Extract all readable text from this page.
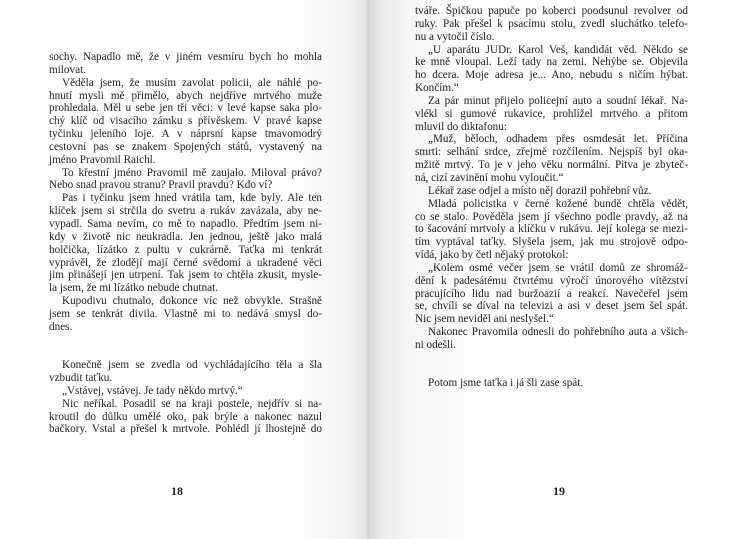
sochy. Napadlo mě, že v jiném vesmíru bych ho mohla
milovat.
Věděla jsem, že musím zavolat policii, ale náhlé po-
hnutí mysli mě přimělo, abych nejdříve mrtvého muže
prohledala. Měl u sebe jen tři věci: v levé kapse saka plo-
chý klíč od visacího zámku s přívěskem. V pravé kapse
tyčinku jeleního loje. A v náprsní kapse tmavomodrý
cestovní pas se znakem Spojených států, vystavený na
jméno Pravomil Raichl.
To křestní jméno Pravomil mě zaujalo. Miloval právo?
Nebo snad pravou stranu? Pravil pravdu? Kdo ví?
Pas i tyčinku jsem hned vrátila tam, kde byly. Ale ten
klíček jsem si strčila do svetru a rukáv zavázala, aby ne-
vypadl. Sama nevím, co mě to napadlo. Předtím jsem ni-
kdy v životě nic neukradla. Jen jednou, ještě jako malá
holčička, lízátko z pultu v cukrárně. Taťka mi tenkrát
vyprávěl, že zlodějí mají černé svědomí a ukradené věci
jim přinášejí jen utrpení. Tak jsem to chtěla zkusit, mysle-
la jsem, že mi lízátko nebude chutnat.
Kupodivu chutnalo, dokonce víc než obvykle. Strašně
jsem se tenkrát divila. Vlastně mi to nedává smysl do-
dnes.
Konečně jsem se zvedla od vychládajícího těla a šla
vzbudit taťku.
„Vstávej, vstávej. Je tady někdo mrtvý.“
Nic neříkal. Posadil se na kraji postele, nejdřív si na-
kroutil do důlku umělé oko, pak brýle a nakonec nazul
bačkory. Vstal a přešel k mrtvole. Pohlédl jí lhostejně do
18
tváře. Špičkou papuče po koberci poodsunul revolver od
ruky. Pak přešel k psacímu stolu, zvedl sluchátko telefo-
nu a vytočil číslo.
„U aparátu JUDr. Karol Veš, kandidát věd. Někdo se
ke mně vloupal. Leží tady na zemi. Nehýbe se. Objevila
ho dcera. Moje adresa je... Ano, nebudu s ničím hýbat.
Končím.“
Za pár minut přijelo policejní auto a soudní lékař. Na-
vlékl si gumové rukavice, prohlížel mrtvého a přitom
mluvil do diktafonu:
„Muž, běloch, odhadem přes osmdesát let. Příčina
smrti: selhání srdce, zřejmě rozčílením. Nejspíš byl oka-
mžitě mrtvý. To je v jeho věku normální. Pitva je zbyteč-
ná, cizí zavinění mohu vyloučit.“
Lékař zase odjel a místo něj dorazil pohřební vůz.
Mladá policistka v černé kožené bundě chtěla vědět,
co se stalo. Pověděla jsem jí všechno podle pravdy, až na
to šacování mrtvoly a klíčku v rukávu. Její kolega se mezi-
tím vyptával taťky. Slyšela jsem, jak mu strojově odpo-
vídá, jako by četl nějaký protokol:
„Kolem osmé večer jsem se vrátil domů ze shromáž-
dění k padesátému čtvrtému výročí únorového vítězství
pracujícího lidu nad buržoazií a reakcí. Navečeřel jsem
se, chvíli se díval na televizi a asi v deset jsem šel spát.
Nic jsem neviděl ani neslyšel.“
Nakonec Pravomila odnesli do pohřebního auta a všich-
ni odešli.
Potom jsme taťka i já šli zase spát.
19
